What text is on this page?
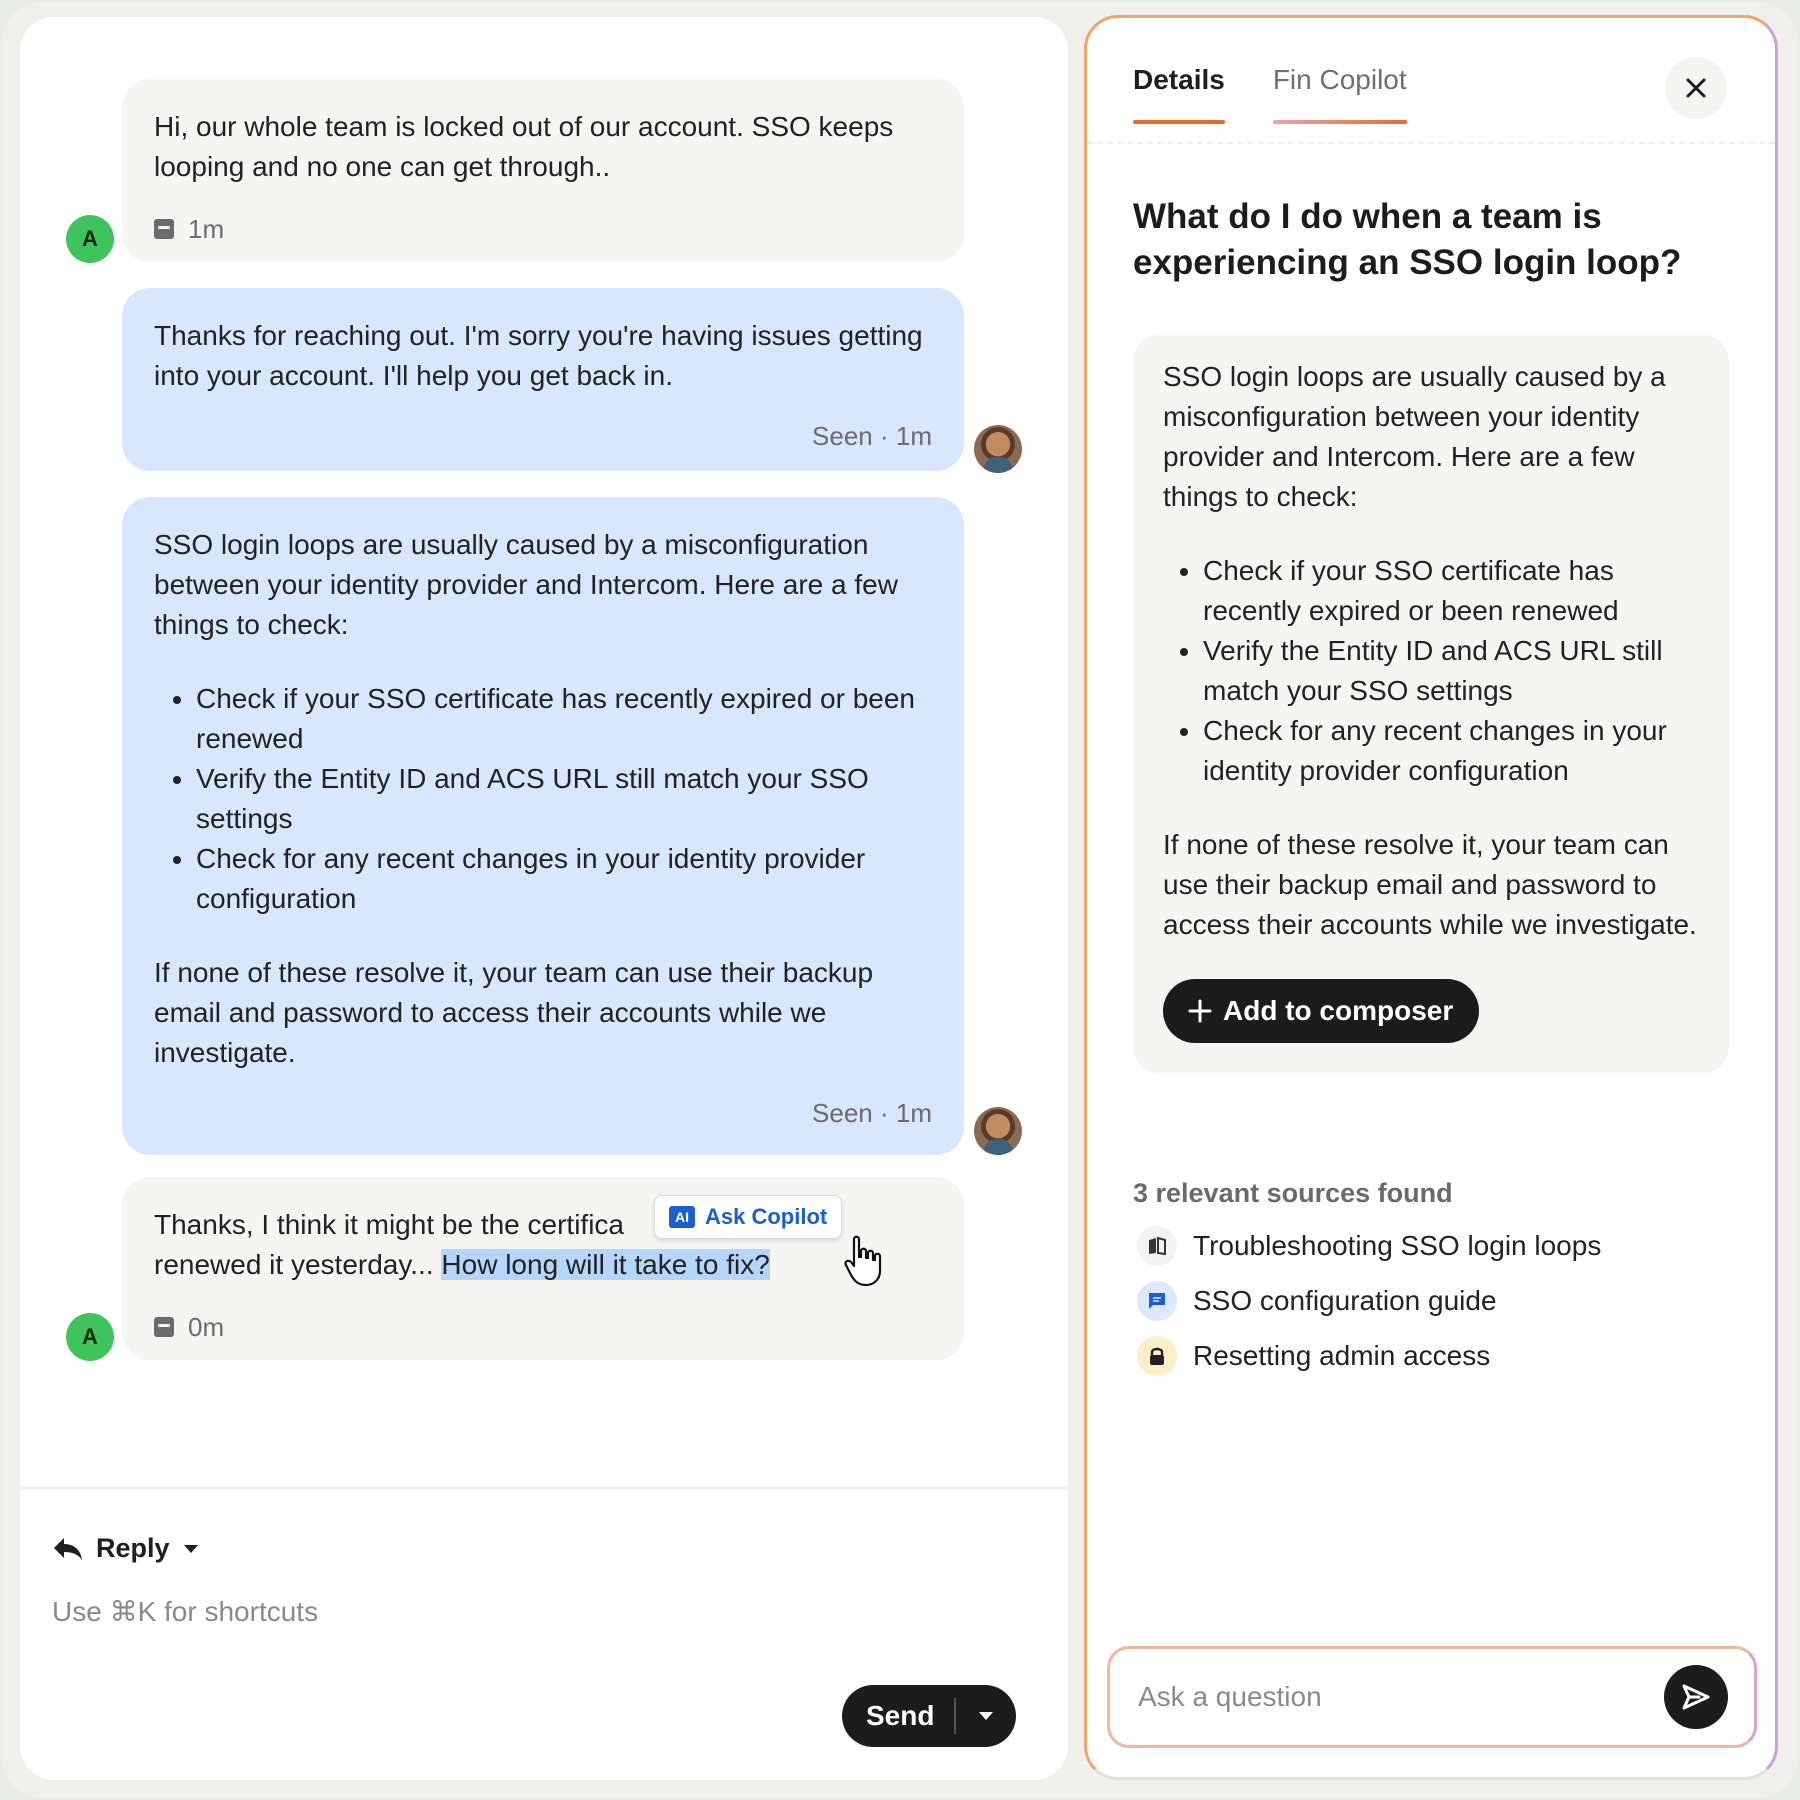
Hi, our whole team is locked out of our account. SSO keeps looping and no one can get through..

1m
A

Thanks for reaching out. I'm sorry you're having issues getting into your account. I'll help you get back in.

Seen · 1m

SSO login loops are usually caused by a misconfiguration between your identity provider and Intercom. Here are a few things to check:

• Check if your SSO certificate has recently expired or been renewed
• Verify the Entity ID and ACS URL still match your SSO settings
• Check for any recent changes in your identity provider configuration

If none of these resolve it, your team can use their backup email and password to access their accounts while we investigate.

Seen · 1m

Thanks, I think it might be the certifica
renewed it yesterday... How long will it take to fix?

0m
A
AI Ask Copilot
Reply
Use ⌘K for shortcuts
Send
Details Fin Copilot
What do I do when a team is experiencing an SSO login loop?

SSO login loops are usually caused by a misconfiguration between your identity provider and Intercom. Here are a few things to check:

• Check if your SSO certificate has recently expired or been renewed
• Verify the Entity ID and ACS URL still match your SSO settings
• Check for any recent changes in your identity provider configuration

If none of these resolve it, your team can use their backup email and password to access their accounts while we investigate.

Add to composer
3 relevant sources found
Troubleshooting SSO login loops
SSO configuration guide
Resetting admin access
Ask a question
